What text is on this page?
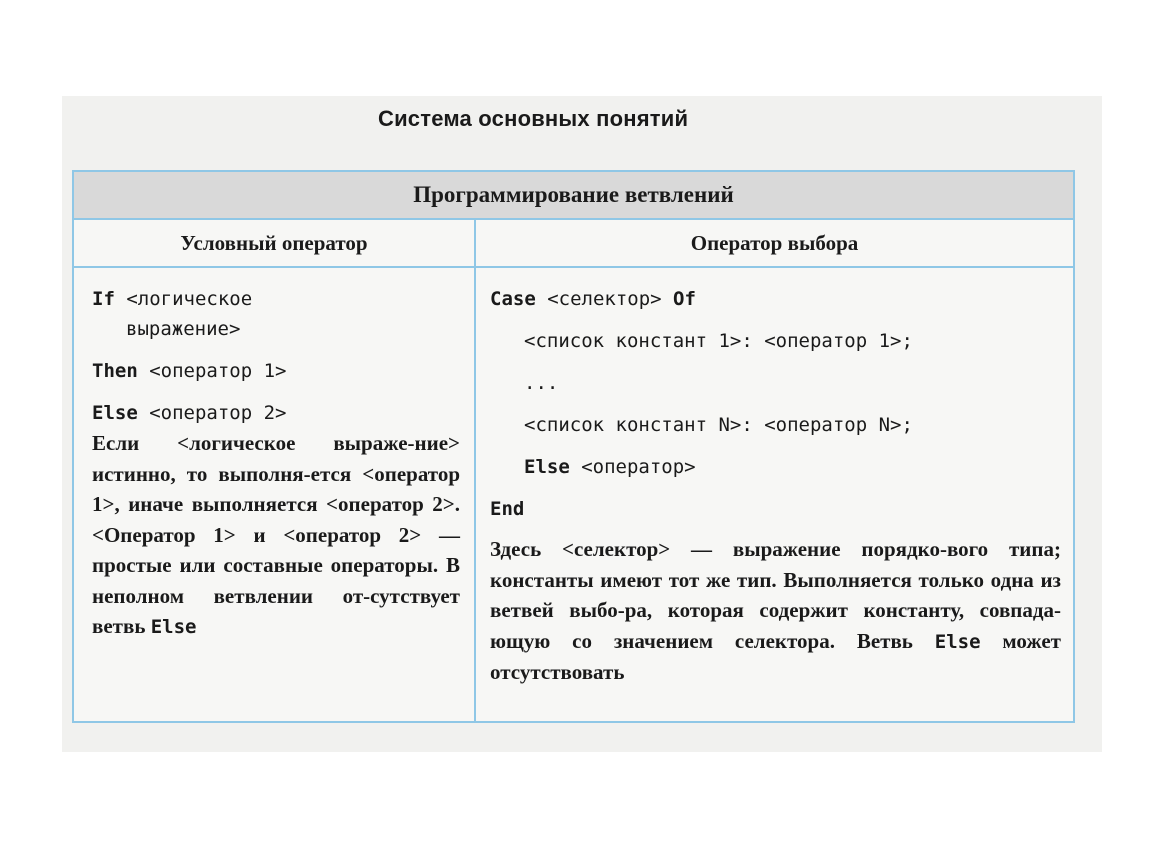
Система основных понятий
Программирование ветвлений
Условный оператор	Оператор выбора
If <логическое
выражение>
Then <оператор 1>
Else <оператор 2>
Если <логическое выраже-ние> истинно, то выполня-ется <оператор 1>, иначе выполняется <оператор 2>. <Оператор 1> и <оператор 2> — простые или составные операторы. В неполном ветвлении от-сутствует ветвь Else
Case <селектор> Of
<список констант 1>: <оператор 1>;
...
<список констант N>: <оператор N>;
Else <оператор>
End
Здесь <селектор> — выражение порядко-вого типа; константы имеют тот же тип. Выполняется только одна из ветвей выбо-ра, которая содержит константу, совпада-ющую со значением селектора. Ветвь Else может отсутствовать
